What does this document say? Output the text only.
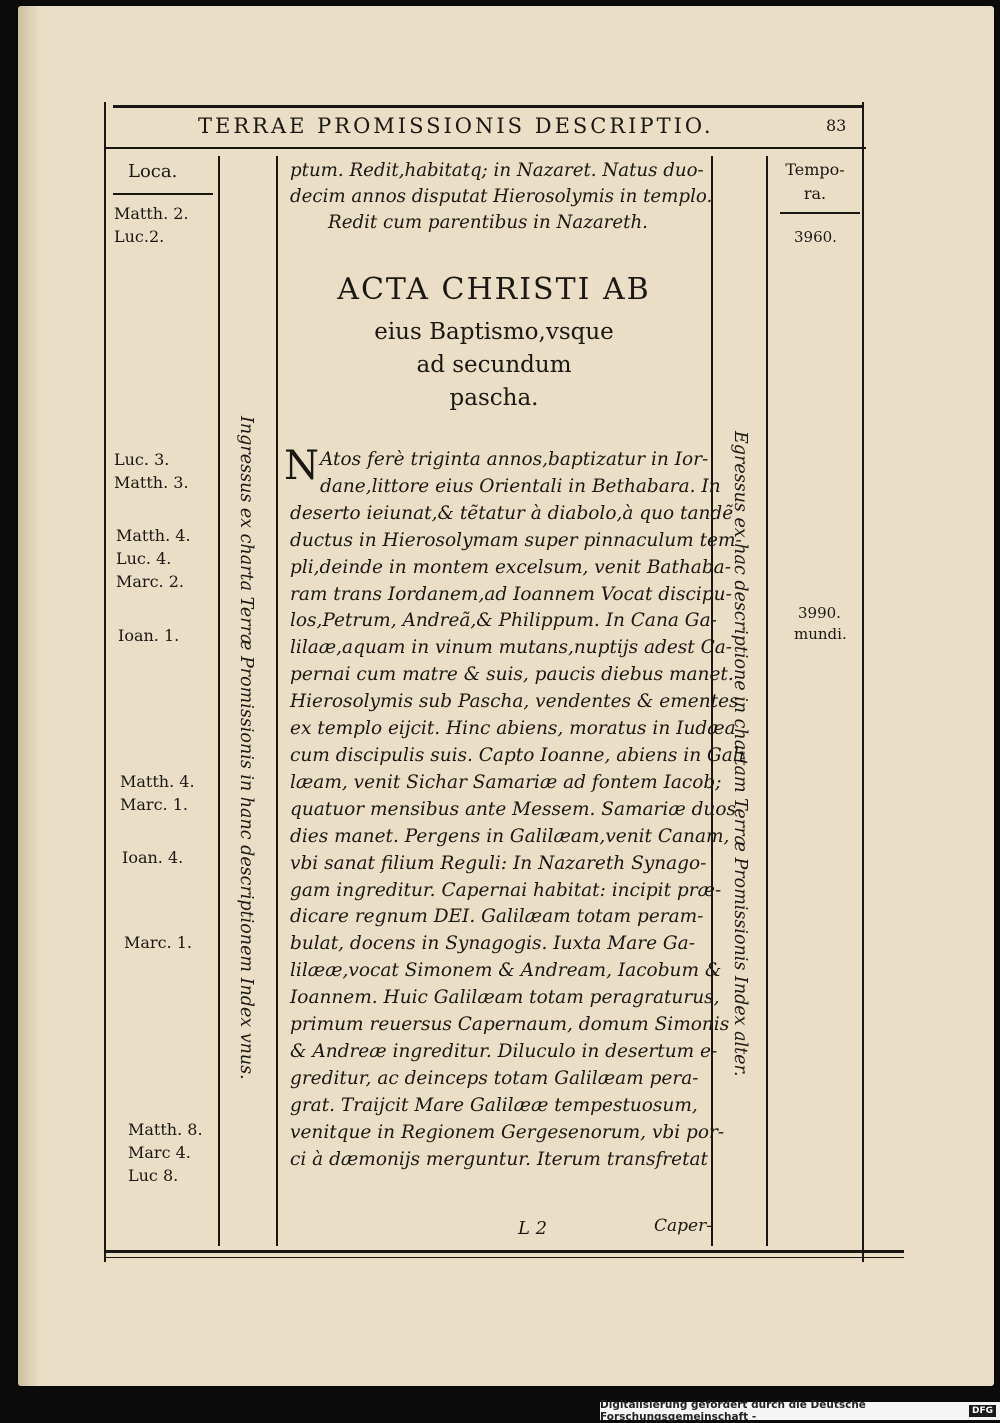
TERRAE PROMISSIONIS DESCRIPTIO.	83
Loca.	Tempo-
ra.
3960.
3990.
mundi.
Matth. 2.
Luc.2.
Luc. 3.
Matth. 3.
Matth. 4.
Luc. 4.
Marc. 2.
Ioan. 1.
Matth. 4.
Marc. 1.
Ioan. 4.
Marc. 1.
Matth. 8.
Marc 4.
Luc 8.
ptum. Redit,habitatq; in Nazaret. Natus duo-
decim annos disputat Hierosolymis in templo.
Redit cum parentibus in Nazareth.
ACTA CHRISTI AB
eius Baptismo,vsque
ad secundum
pascha.
N Atos ferè triginta annos,baptizatur in Ior-
dane,littore eius Orientali in Bethabara. In
deserto ieiunat,& tẽtatur à diabolo,à quo tandẽ
ductus in Hierosolymam super pinnaculum tem-
pli,deinde in montem excelsum, venit Bathaba-
ram trans Iordanem,ad Ioannem Vocat discipu-
los,Petrum, Andreã,& Philippum. In Cana Ga-
lilaæ,aquam in vinum mutans,nuptijs adest Ca-
pernai cum matre & suis, paucis diebus manet.
Hierosolymis sub Pascha, vendentes & ementes
ex templo eijcit. Hinc abiens, moratus in Iudæa
cum discipulis suis. Capto Ioanne, abiens in Gali
læam, venit Sichar Samariæ ad fontem Iacob;
quatuor mensibus ante Messem. Samariæ duos
dies manet. Pergens in Galilæam,venit Canam,
vbi sanat filium Reguli: In Nazareth Synago-
gam ingreditur. Capernai habitat: incipit præ-
dicare regnum DEI. Galilæam totam peram-
bulat, docens in Synagogis. Iuxta Mare Ga-
lilææ,vocat Simonem & Andream, Iacobum &
Ioannem. Huic Galilæam totam peragraturus,
primum reuersus Capernaum, domum Simonis
& Andreæ ingreditur. Diluculo in desertum e-
greditur, ac deinceps totam Galilæam pera-
grat. Traijcit Mare Galilææ tempestuosum,
venitque in Regionem Gergesenorum, vbi por-
ci à dæmonijs merguntur. Iterum transfretat
Ingressus ex charta Terræ Promissionis in hanc descriptionem Index vnus.	Egressus ex hac descriptione in chartam Terræ Promissionis Index alter.
L 2	Caper-
Digitalisierung gefördert durch die Deutsche Forschungsgemeinschaft -	DFG
